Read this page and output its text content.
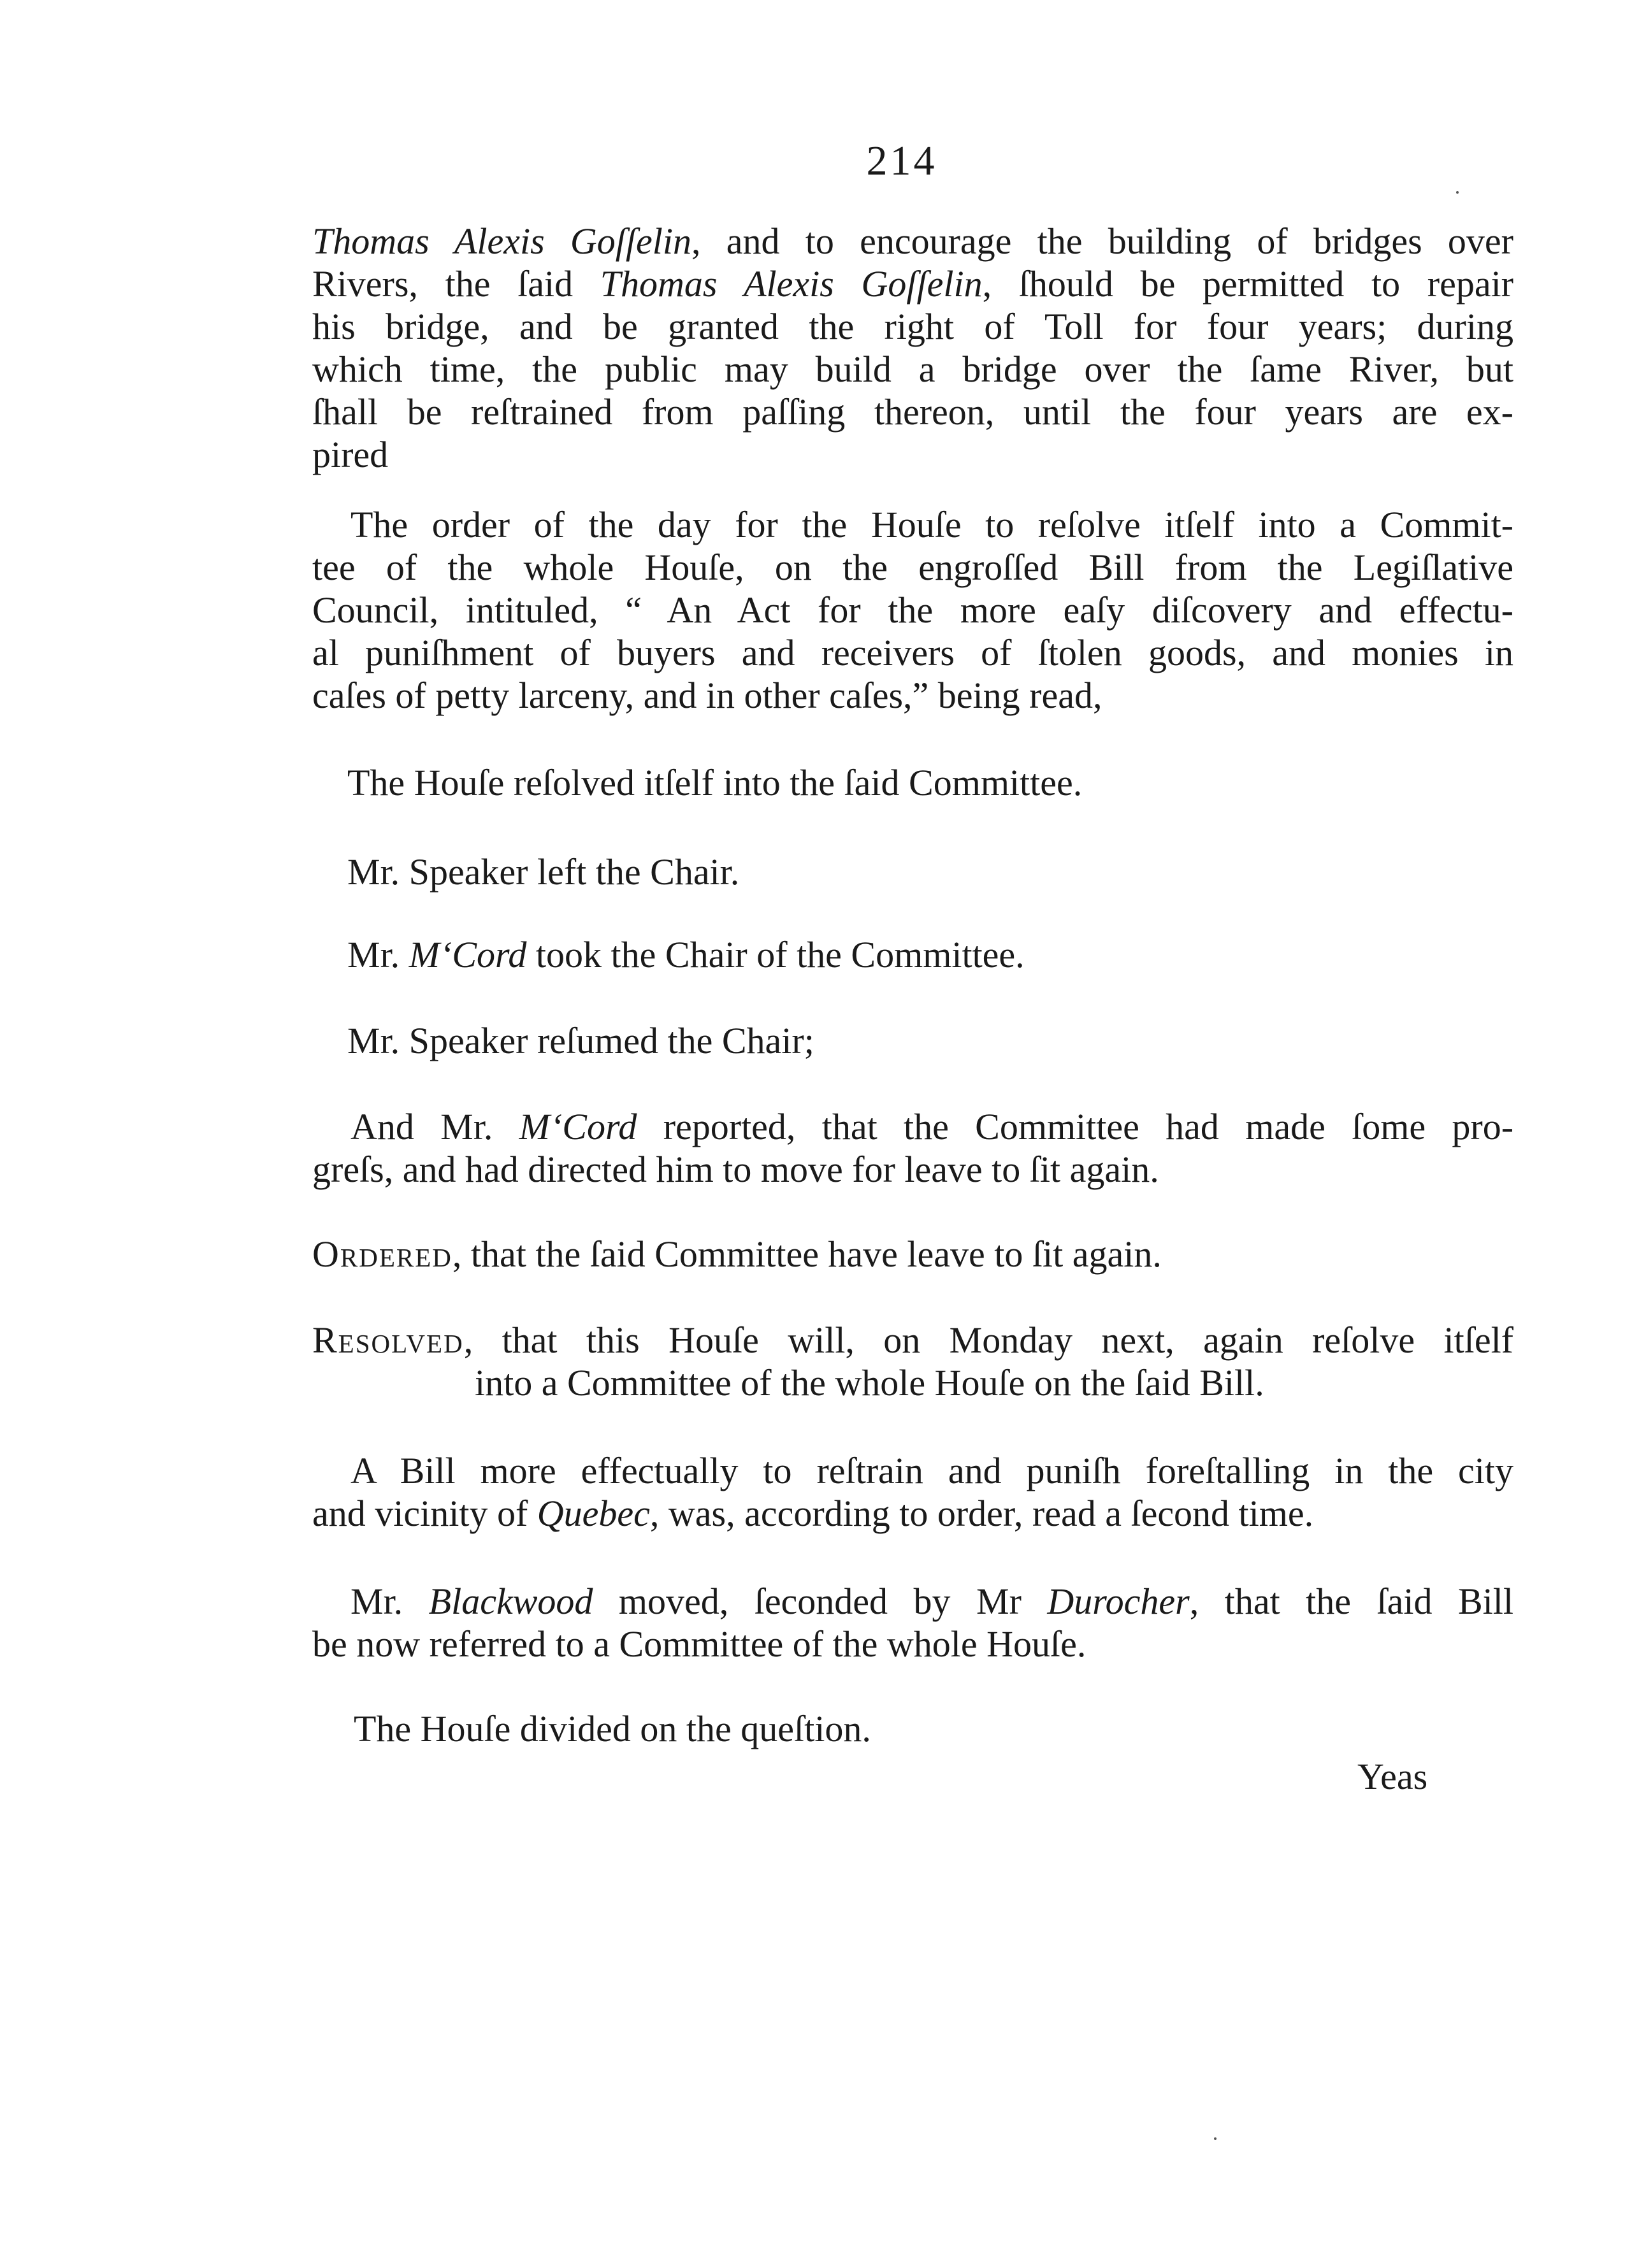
214
Thomas Alexis Goſſelin, and to encourage the building of bridges over
Rivers, the ſaid Thomas Alexis Goſſelin, ſhould be permitted to repair
his bridge, and be granted the right of Toll for four years; during
which time, the public may build a bridge over the ſame River, but
ſhall be reſtrained from paſſing thereon, until the four years are ex-
pired
The order of the day for the Houſe to reſolve itſelf into a Commit-
tee of the whole Houſe, on the engroſſed Bill from the Legiſlative
Council, intituled, “ An Act for the more eaſy diſcovery and effectu-
al puniſhment of buyers and receivers of ſtolen goods, and monies in
caſes of petty larceny, and in other caſes,” being read,
The Houſe reſolved itſelf into the ſaid Committee.
Mr. Speaker left the Chair.
Mr. M‘Cord took the Chair of the Committee.
Mr. Speaker reſumed the Chair;
And Mr. M‘Cord reported, that the Committee had made ſome pro-
greſs, and had directed him to move for leave to ſit again.
Ordered, that the ſaid Committee have leave to ſit again.
Resolved, that this Houſe will, on Monday next, again reſolve itſelf
into a Committee of the whole Houſe on the ſaid Bill.
A Bill more effectually to reſtrain and puniſh foreſtalling in the city
and vicinity of Quebec, was, according to order, read a ſecond time.
Mr. Blackwood moved, ſeconded by Mr Durocher, that the ſaid Bill
be now referred to a Committee of the whole Houſe.
The Houſe divided on the queſtion.
Yeas
